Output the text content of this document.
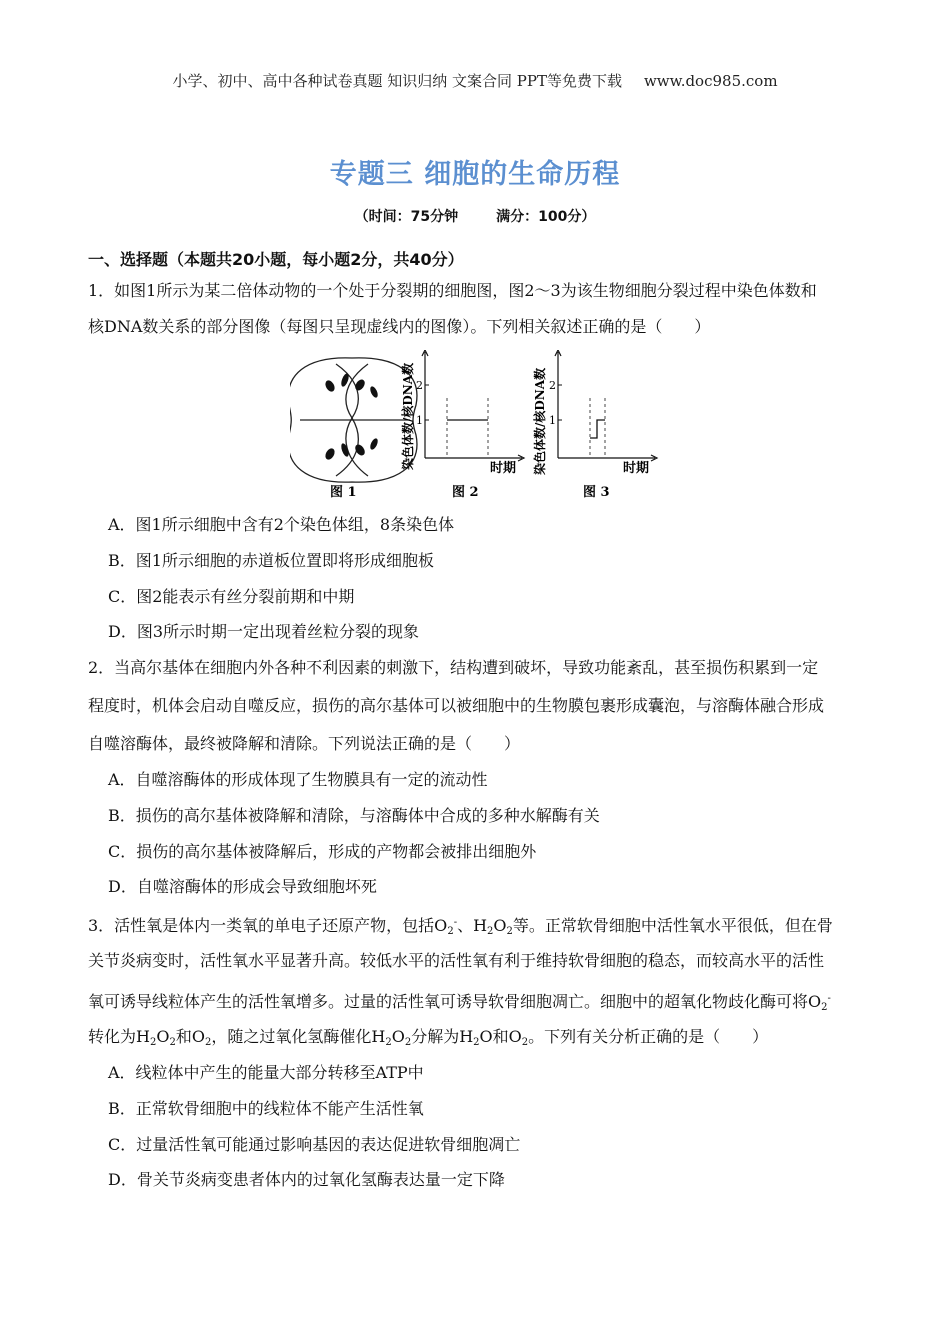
小学、初中、高中各种试卷真题 知识归纳 文案合同 PPT等免费下载 www.doc985.com
专题三 细胞的生命历程
（时间：75分钟	满分：100分）
一、选择题（本题共20小题，每小题2分，共40分）
1．如图1所示为某二倍体动物的一个处于分裂期的细胞图，图2～3为该生物细胞分裂过程中染色体数和
核DNA数关系的部分图像（每图只呈现虚线内的图像）。下列相关叙述正确的是（　　）
图 1
染色体数/核DNA数 2
1
时期
图 2
染色体数/核DNA数 2
1
时期
图 3
A．图1所示细胞中含有2个染色体组，8条染色体
B．图1所示细胞的赤道板位置即将形成细胞板
C．图2能表示有丝分裂前期和中期
D．图3所示时期一定出现着丝粒分裂的现象
2．当高尔基体在细胞内外各种不利因素的刺激下，结构遭到破坏，导致功能紊乱，甚至损伤积累到一定
程度时，机体会启动自噬反应，损伤的高尔基体可以被细胞中的生物膜包裹形成囊泡，与溶酶体融合形成
自噬溶酶体，最终被降解和清除。下列说法正确的是（　　）
A．自噬溶酶体的形成体现了生物膜具有一定的流动性
B．损伤的高尔基体被降解和清除，与溶酶体中合成的多种水解酶有关
C．损伤的高尔基体被降解后，形成的产物都会被排出细胞外
D．自噬溶酶体的形成会导致细胞坏死
3．活性氧是体内一类氧的单电子还原产物，包括$O_2^-$、$H_2O_2$等。正常软骨细胞中活性氧水平很低，但在骨
关节炎病变时，活性氧水平显著升高。较低水平的活性氧有利于维持软骨细胞的稳态，而较高水平的活性
氧可诱导线粒体产生的活性氧增多。过量的活性氧可诱导软骨细胞凋亡。细胞中的超氧化物歧化酶可将$O_2^-$
转化为$H_2O_2$和$O_2$，随之过氧化氢酶催化$H_2O_2$分解为$H_2O$和$O_2$。下列有关分析正确的是（　　）
A．线粒体中产生的能量大部分转移至ATP中
B．正常软骨细胞中的线粒体不能产生活性氧
C．过量活性氧可能通过影响基因的表达促进软骨细胞凋亡
D．骨关节炎病变患者体内的过氧化氢酶表达量一定下降
